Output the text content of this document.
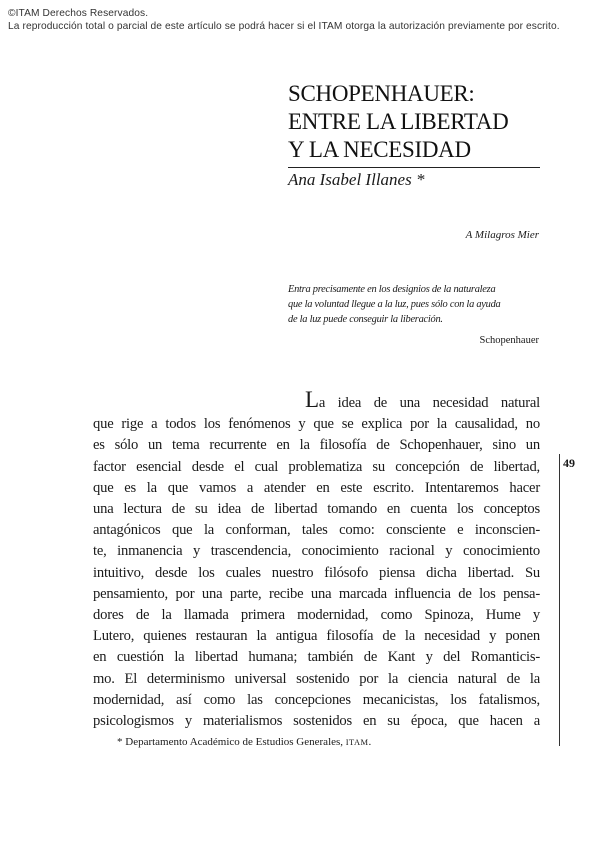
©ITAM Derechos Reservados.
La reproducción total o parcial de este artículo se podrá hacer si el ITAM otorga la autorización previamente por escrito.
SCHOPENHAUER:
ENTRE LA LIBERTAD
Y LA NECESIDAD
Ana Isabel Illanes *
A Milagros Mier
Entra precisamente en los designios de la naturaleza
que la voluntad llegue a la luz, pues sólo con la ayuda
de la luz puede conseguir la liberación.
Schopenhauer
La idea de una necesidad natural
que rige a todos los fenómenos y que se explica por la causalidad, no
es sólo un tema recurrente en la filosofía de Schopenhauer, sino un
factor esencial desde el cual problematiza su concepción de libertad,
que es la que vamos a atender en este escrito. Intentaremos hacer
una lectura de su idea de libertad tomando en cuenta los conceptos
antagónicos que la conforman, tales como: consciente e inconscien-
te, inmanencia y trascendencia, conocimiento racional y conocimiento
intuitivo, desde los cuales nuestro filósofo piensa dicha libertad. Su
pensamiento, por una parte, recibe una marcada influencia de los pensa-
dores de la llamada primera modernidad, como Spinoza, Hume y
Lutero, quienes restauran la antigua filosofía de la necesidad y ponen
en cuestión la libertad humana; también de Kant y del Romanticis-
mo. El determinismo universal sostenido por la ciencia natural de la
modernidad, así como las concepciones mecanicistas, los fatalismos,
psicologismos y materialismos sostenidos en su época, que hacen a
* Departamento Académico de Estudios Generales, ITAM.
49
